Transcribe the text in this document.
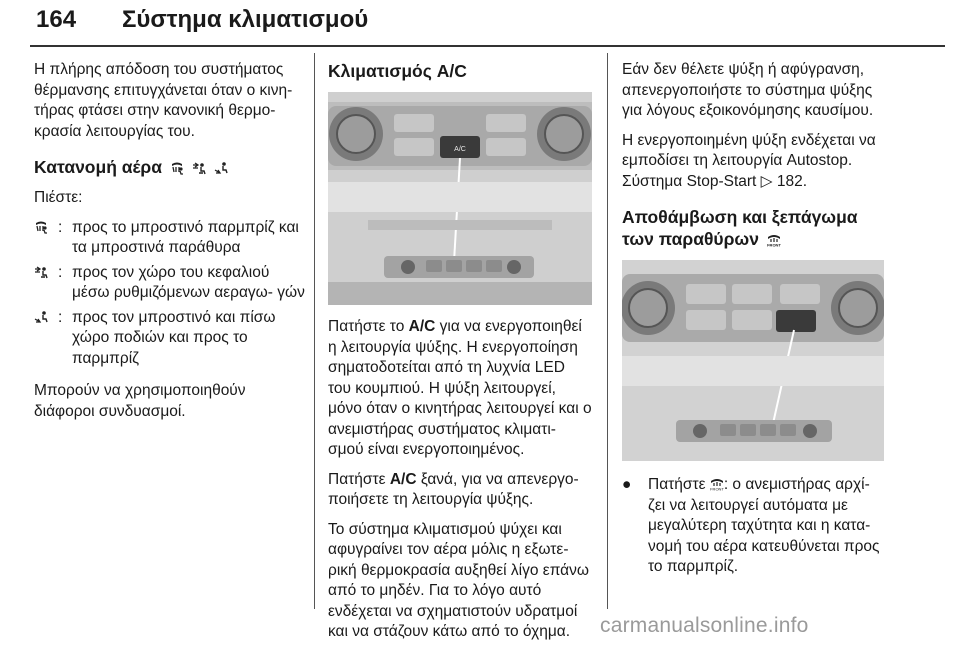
164 Σύστημα κλιματισμού

Η πλήρης απόδοση του συστήματος θέρμανσης επιτυγχάνεται όταν ο κινη- τήρας φτάσει στην κανονική θερμο- κρασία λειτουργίας του.

Κατανομή αέρα

Πιέστε:

: προς το μπροστινό παρμπρίζ και τα μπροστινά παράθυρα
: προς τον χώρο του κεφαλιού μέσω ρυθμιζόμενων αεραγω- γών
: προς τον μπροστινό και πίσω χώρο ποδιών και προς το παρμπρίζ

Μπορούν να χρησιμοποιηθούν διάφοροι συνδυασμοί.

Κλιματισμός A/C
A/C

Πατήστε το A/C για να ενεργοποιηθεί η λειτουργία ψύξης. Η ενεργοποίηση σηματοδοτείται από τη λυχνία LED του κουμπιού. Η ψύξη λειτουργεί, μόνο όταν ο κινητήρας λειτουργεί και ο ανεμιστήρας συστήματος κλιματι- σμού είναι ενεργοποιημένος.

Πατήστε A/C ξανά, για να απενεργο- ποιήσετε τη λειτουργία ψύξης.

Το σύστημα κλιματισμού ψύχει και αφυγραίνει τον αέρα μόλις η εξωτε- ρική θερμοκρασία αυξηθεί λίγο επάνω από το μηδέν. Για το λόγο αυτό ενδέχεται να σχηματιστούν υδρατμοί και να στάζουν κάτω από το όχημα.

Εάν δεν θέλετε ψύξη ή αφύγρανση, απενεργοποιήστε το σύστημα ψύξης για λόγους εξοικονόμησης καυσίμου.

Η ενεργοποιημένη ψύξη ενδέχεται να εμποδίσει τη λειτουργία Autostop. Σύστημα Stop-Start ▷ 182.

Αποθάμβωση και ξεπάγωμα των παραθύρων
●	Πατήστε : ο ανεμιστήρας αρχί- ζει να λειτουργεί αυτόματα με μεγαλύτερη ταχύτητα και η κατα- νομή του αέρα κατευθύνεται προς το παρμπρίζ.
carmanualsonline.info
